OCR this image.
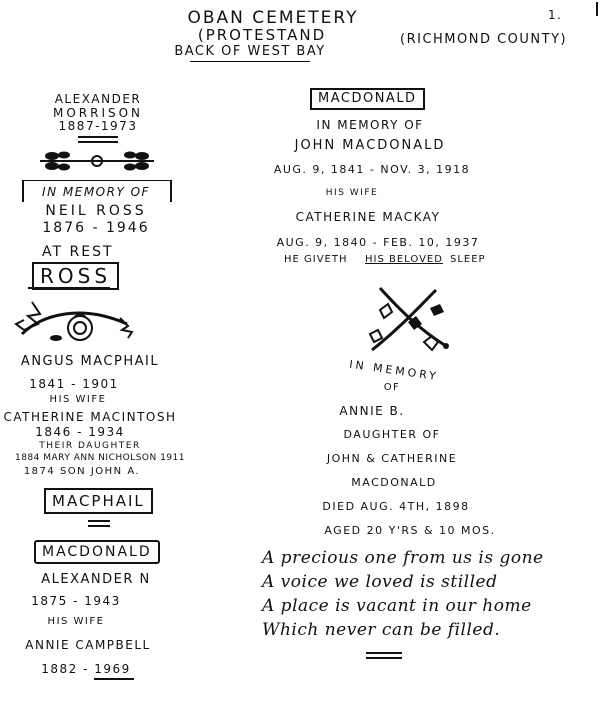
OBAN CEMETERY
(PROTESTAND
BACK OF WEST BAY
(RICHMOND COUNTY)
1.
ALEXANDER
MORRISON
1887-1973
IN MEMORY OF
NEIL ROSS
1876 - 1946
AT REST
ROSS
ANGUS MACPHAIL
1841 - 1901
HIS WIFE
CATHERINE MACINTOSH
1846 - 1934
THEIR DAUGHTER
1884 MARY ANN NICHOLSON 1911
1874 SON JOHN A.
MACPHAIL
MACDONALD
ALEXANDER N
1875 - 1943
HIS WIFE
ANNIE CAMPBELL
1882 - 1969
MACDONALD
IN MEMORY OF
JOHN MACDONALD
AUG. 9, 1841 - NOV. 3, 1918
HIS WIFE
CATHERINE MACKAY
AUG. 9, 1840 - FEB. 10, 1937
HE GIVETH HIS BELOVED SLEEP
IN MEMORY
OF
ANNIE B.
DAUGHTER OF
JOHN & CATHERINE
MACDONALD
DIED AUG. 4TH, 1898
AGED 20 Y'RS & 10 MOS.
A precious one from us is gone
A voice we loved is stilled
A place is vacant in our home
Which never can be filled.
